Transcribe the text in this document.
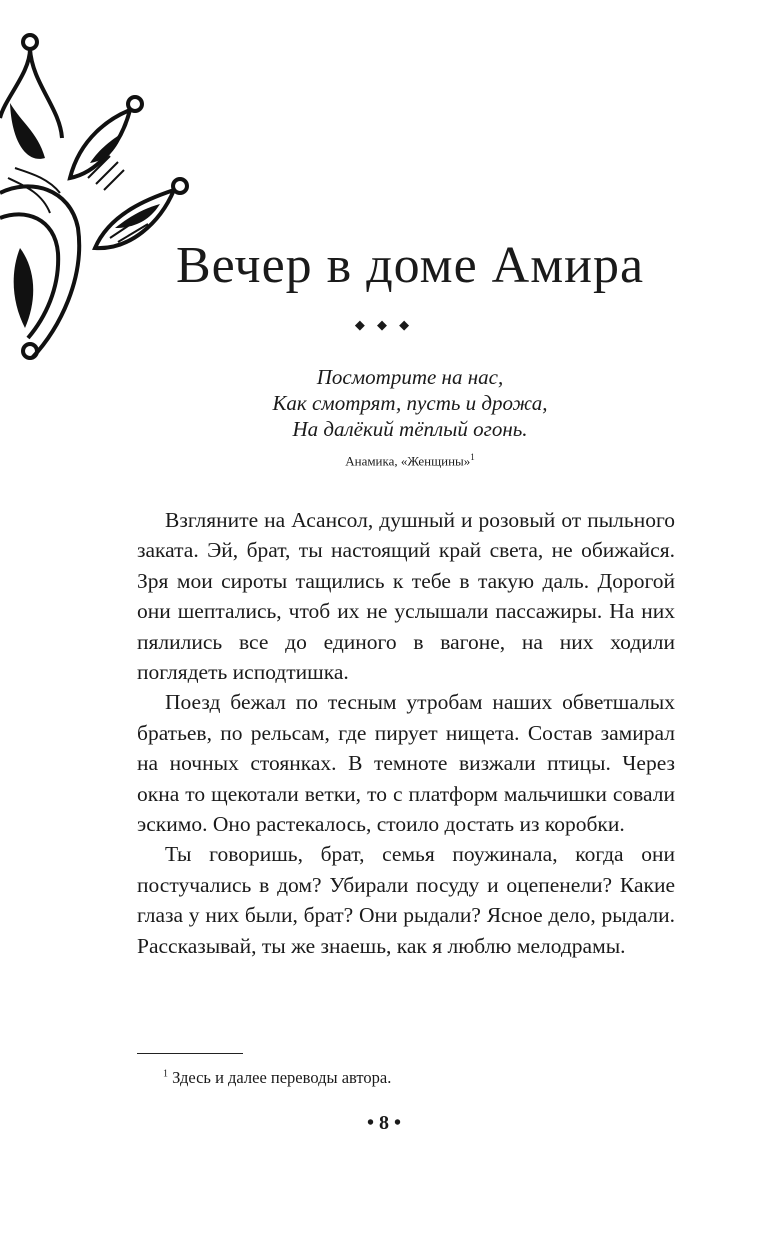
Вечер в доме Амира
◆ ◆ ◆
Посмотрите на нас,
Как смотрят, пусть и дрожа,
На далёкий тёплый огонь.
Анамика, «Женщины»$^1$

Взгляните на Асансол, душный и розовый от пыльного заката. Эй, брат, ты настоящий край света, не обижайся. Зря мои сироты тащились к тебе в такую даль. Дорогой они шептались, чтоб их не услышали пассажиры. На них пялились все до единого в вагоне, на них ходили поглядеть исподтишка.

Поезд бежал по тесным утробам наших обветшалых братьев, по рельсам, где пирует нищета. Состав замирал на ночных стоянках. В темноте визжали птицы. Через окна то щекотали ветки, то с платформ мальчишки совали эскимо. Оно растекалось, стоило достать из коробки.

Ты говоришь, брат, семья поужинала, когда они постучались в дом? Убирали посуду и оцепенели? Какие глаза у них были, брат? Они рыдали? Ясное дело, рыдали. Рассказывай, ты же знаешь, как я люблю мелодрамы.

$^1$ Здесь и далее переводы автора.
• 8 •
